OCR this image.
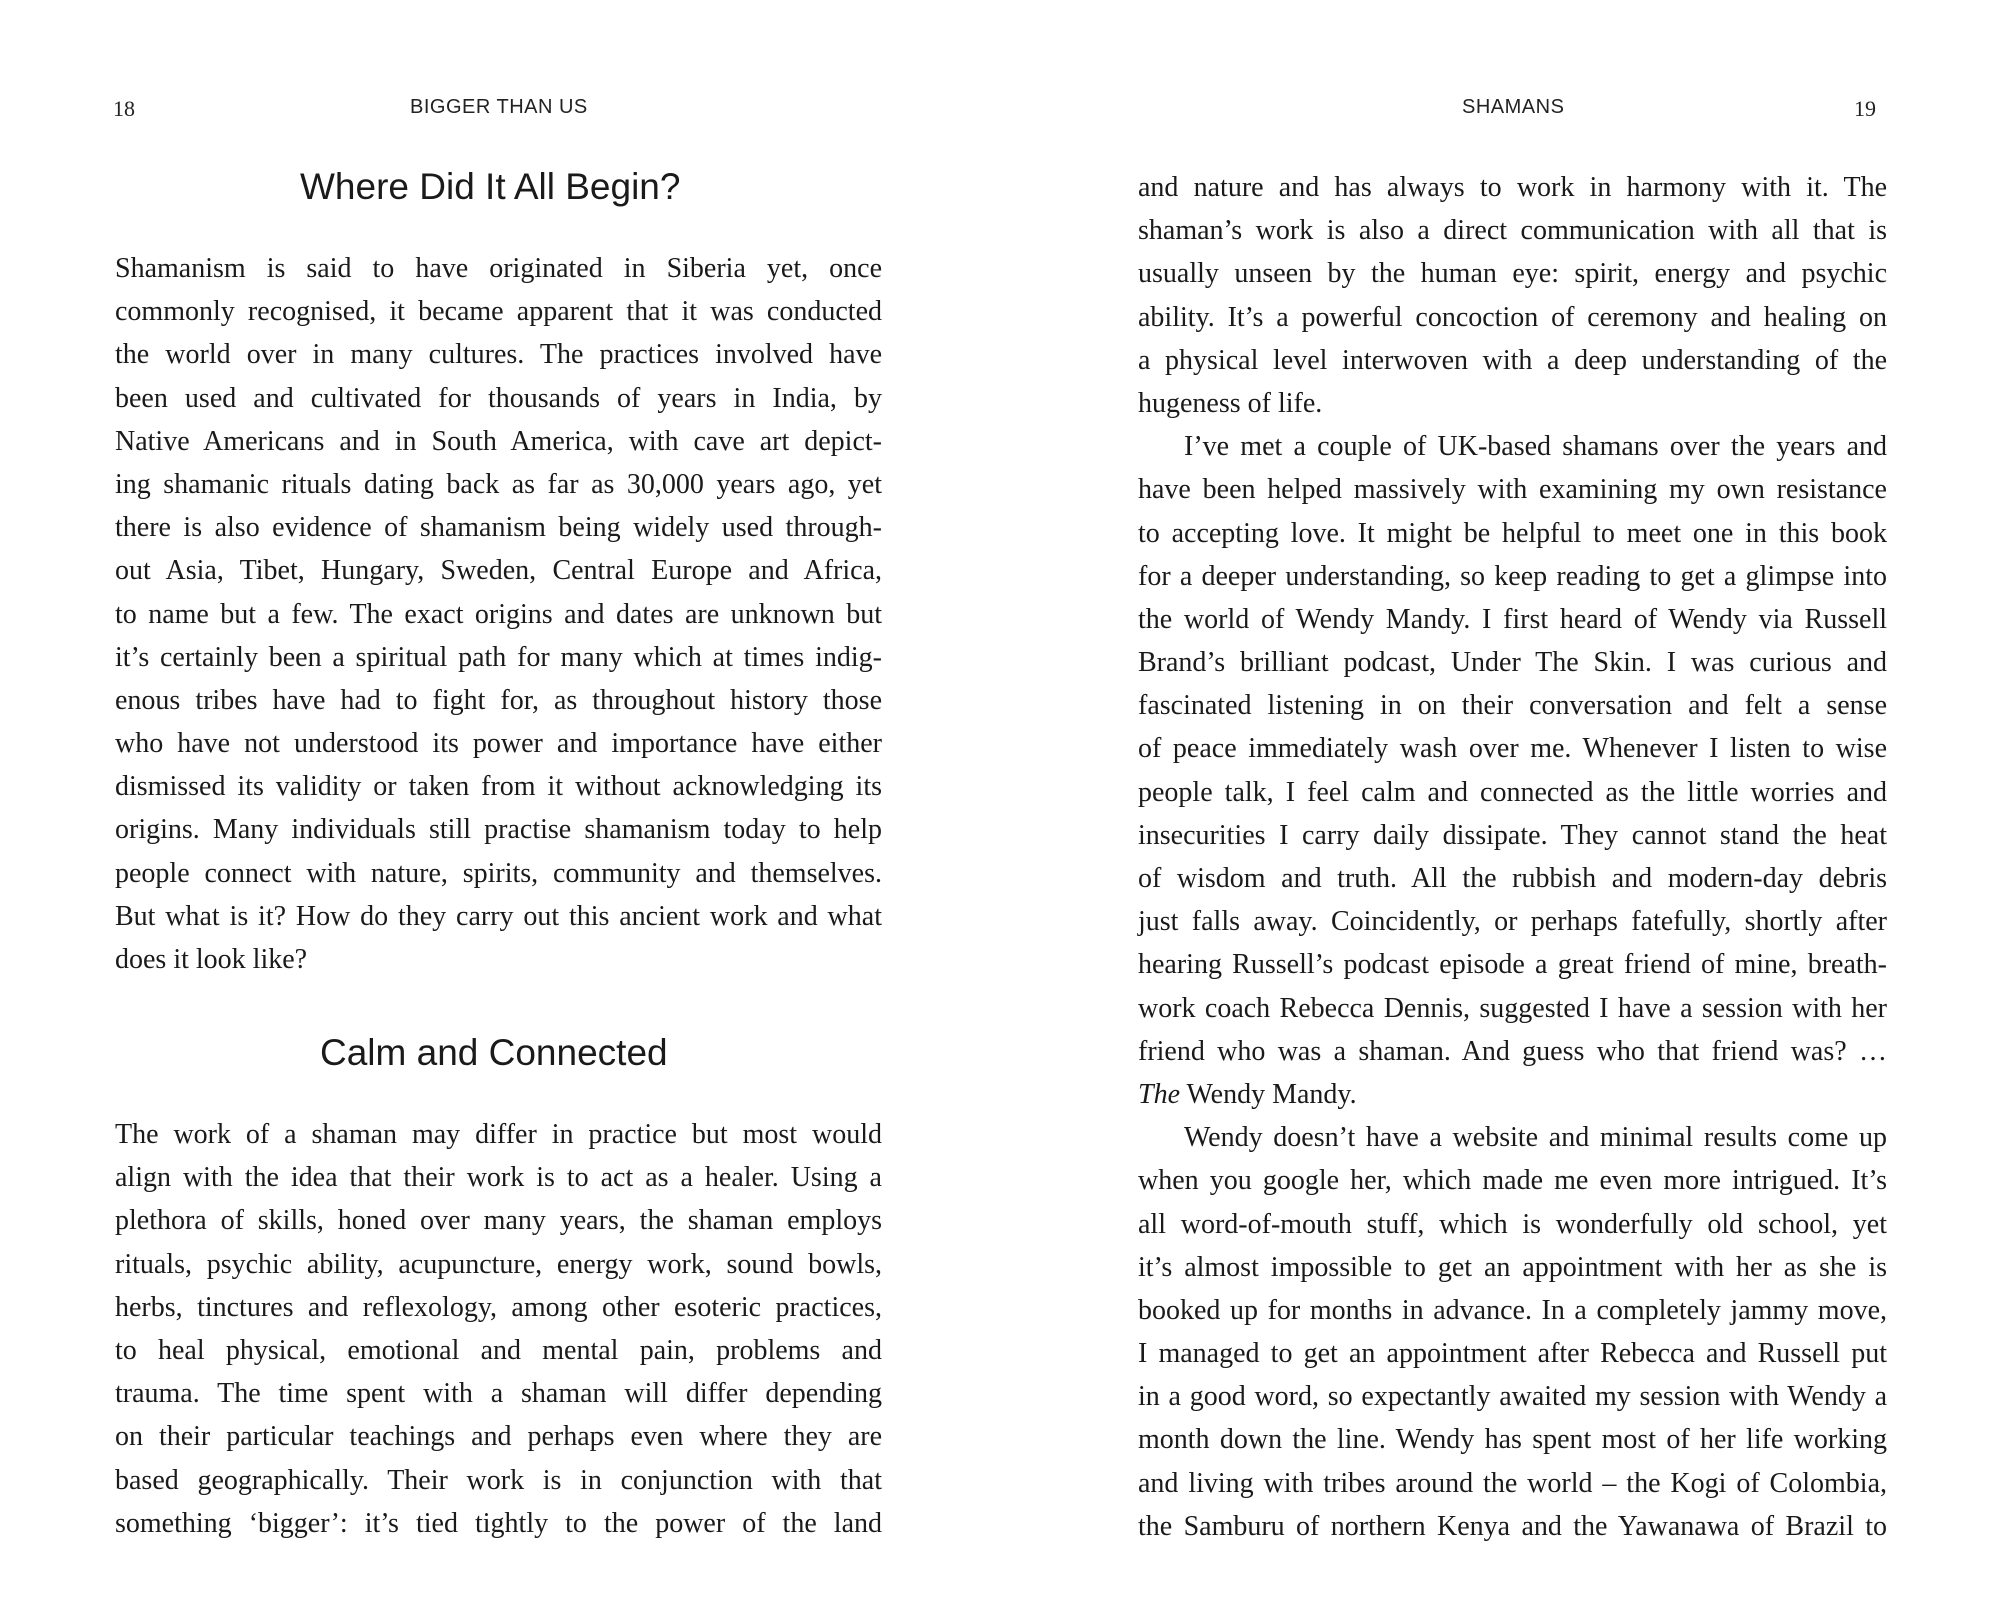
18	BIGGER THAN US
Where Did It All Begin?
Shamanism is said to have originated in Siberia yet, once
commonly recognised, it became apparent that it was conducted
the world over in many cultures. The practices involved have
been used and cultivated for thousands of years in India, by
Native Americans and in South America, with cave art depict-
ing shamanic rituals dating back as far as 30,000 years ago, yet
there is also evidence of shamanism being widely used through-
out Asia, Tibet, Hungary, Sweden, Central Europe and Africa,
to name but a few. The exact origins and dates are unknown but
it’s certainly been a spiritual path for many which at times indig-
enous tribes have had to fight for, as throughout history those
who have not understood its power and importance have either
dismissed its validity or taken from it without acknowledging its
origins. Many individuals still practise shamanism today to help
people connect with nature, spirits, community and themselves.
But what is it? How do they carry out this ancient work and what
does it look like?
Calm and Connected
The work of a shaman may differ in practice but most would
align with the idea that their work is to act as a healer. Using a
plethora of skills, honed over many years, the shaman employs
rituals, psychic ability, acupuncture, energy work, sound bowls,
herbs, tinctures and reflexology, among other esoteric practices,
to heal physical, emotional and mental pain, problems and
trauma. The time spent with a shaman will differ depending
on their particular teachings and perhaps even where they are
based geographically. Their work is in conjunction with that
something ‘bigger’: it’s tied tightly to the power of the land
SHAMANS	19
and nature and has always to work in harmony with it. The
shaman’s work is also a direct communication with all that is
usually unseen by the human eye: spirit, energy and psychic
ability. It’s a powerful concoction of ceremony and healing on
a physical level interwoven with a deep understanding of the
hugeness of life.
I’ve met a couple of UK-based shamans over the years and
have been helped massively with examining my own resistance
to accepting love. It might be helpful to meet one in this book
for a deeper understanding, so keep reading to get a glimpse into
the world of Wendy Mandy. I first heard of Wendy via Russell
Brand’s brilliant podcast, Under The Skin. I was curious and
fascinated listening in on their conversation and felt a sense
of peace immediately wash over me. Whenever I listen to wise
people talk, I feel calm and connected as the little worries and
insecurities I carry daily dissipate. They cannot stand the heat
of wisdom and truth. All the rubbish and modern-day debris
just falls away. Coincidently, or perhaps fatefully, shortly after
hearing Russell’s podcast episode a great friend of mine, breath-
work coach Rebecca Dennis, suggested I have a session with her
friend who was a shaman. And guess who that friend was? …
The Wendy Mandy.
Wendy doesn’t have a website and minimal results come up
when you google her, which made me even more intrigued. It’s
all word-of-mouth stuff, which is wonderfully old school, yet
it’s almost impossible to get an appointment with her as she is
booked up for months in advance. In a completely jammy move,
I managed to get an appointment after Rebecca and Russell put
in a good word, so expectantly awaited my session with Wendy a
month down the line. Wendy has spent most of her life working
and living with tribes around the world – the Kogi of Colombia,
the Samburu of northern Kenya and the Yawanawa of Brazil to
